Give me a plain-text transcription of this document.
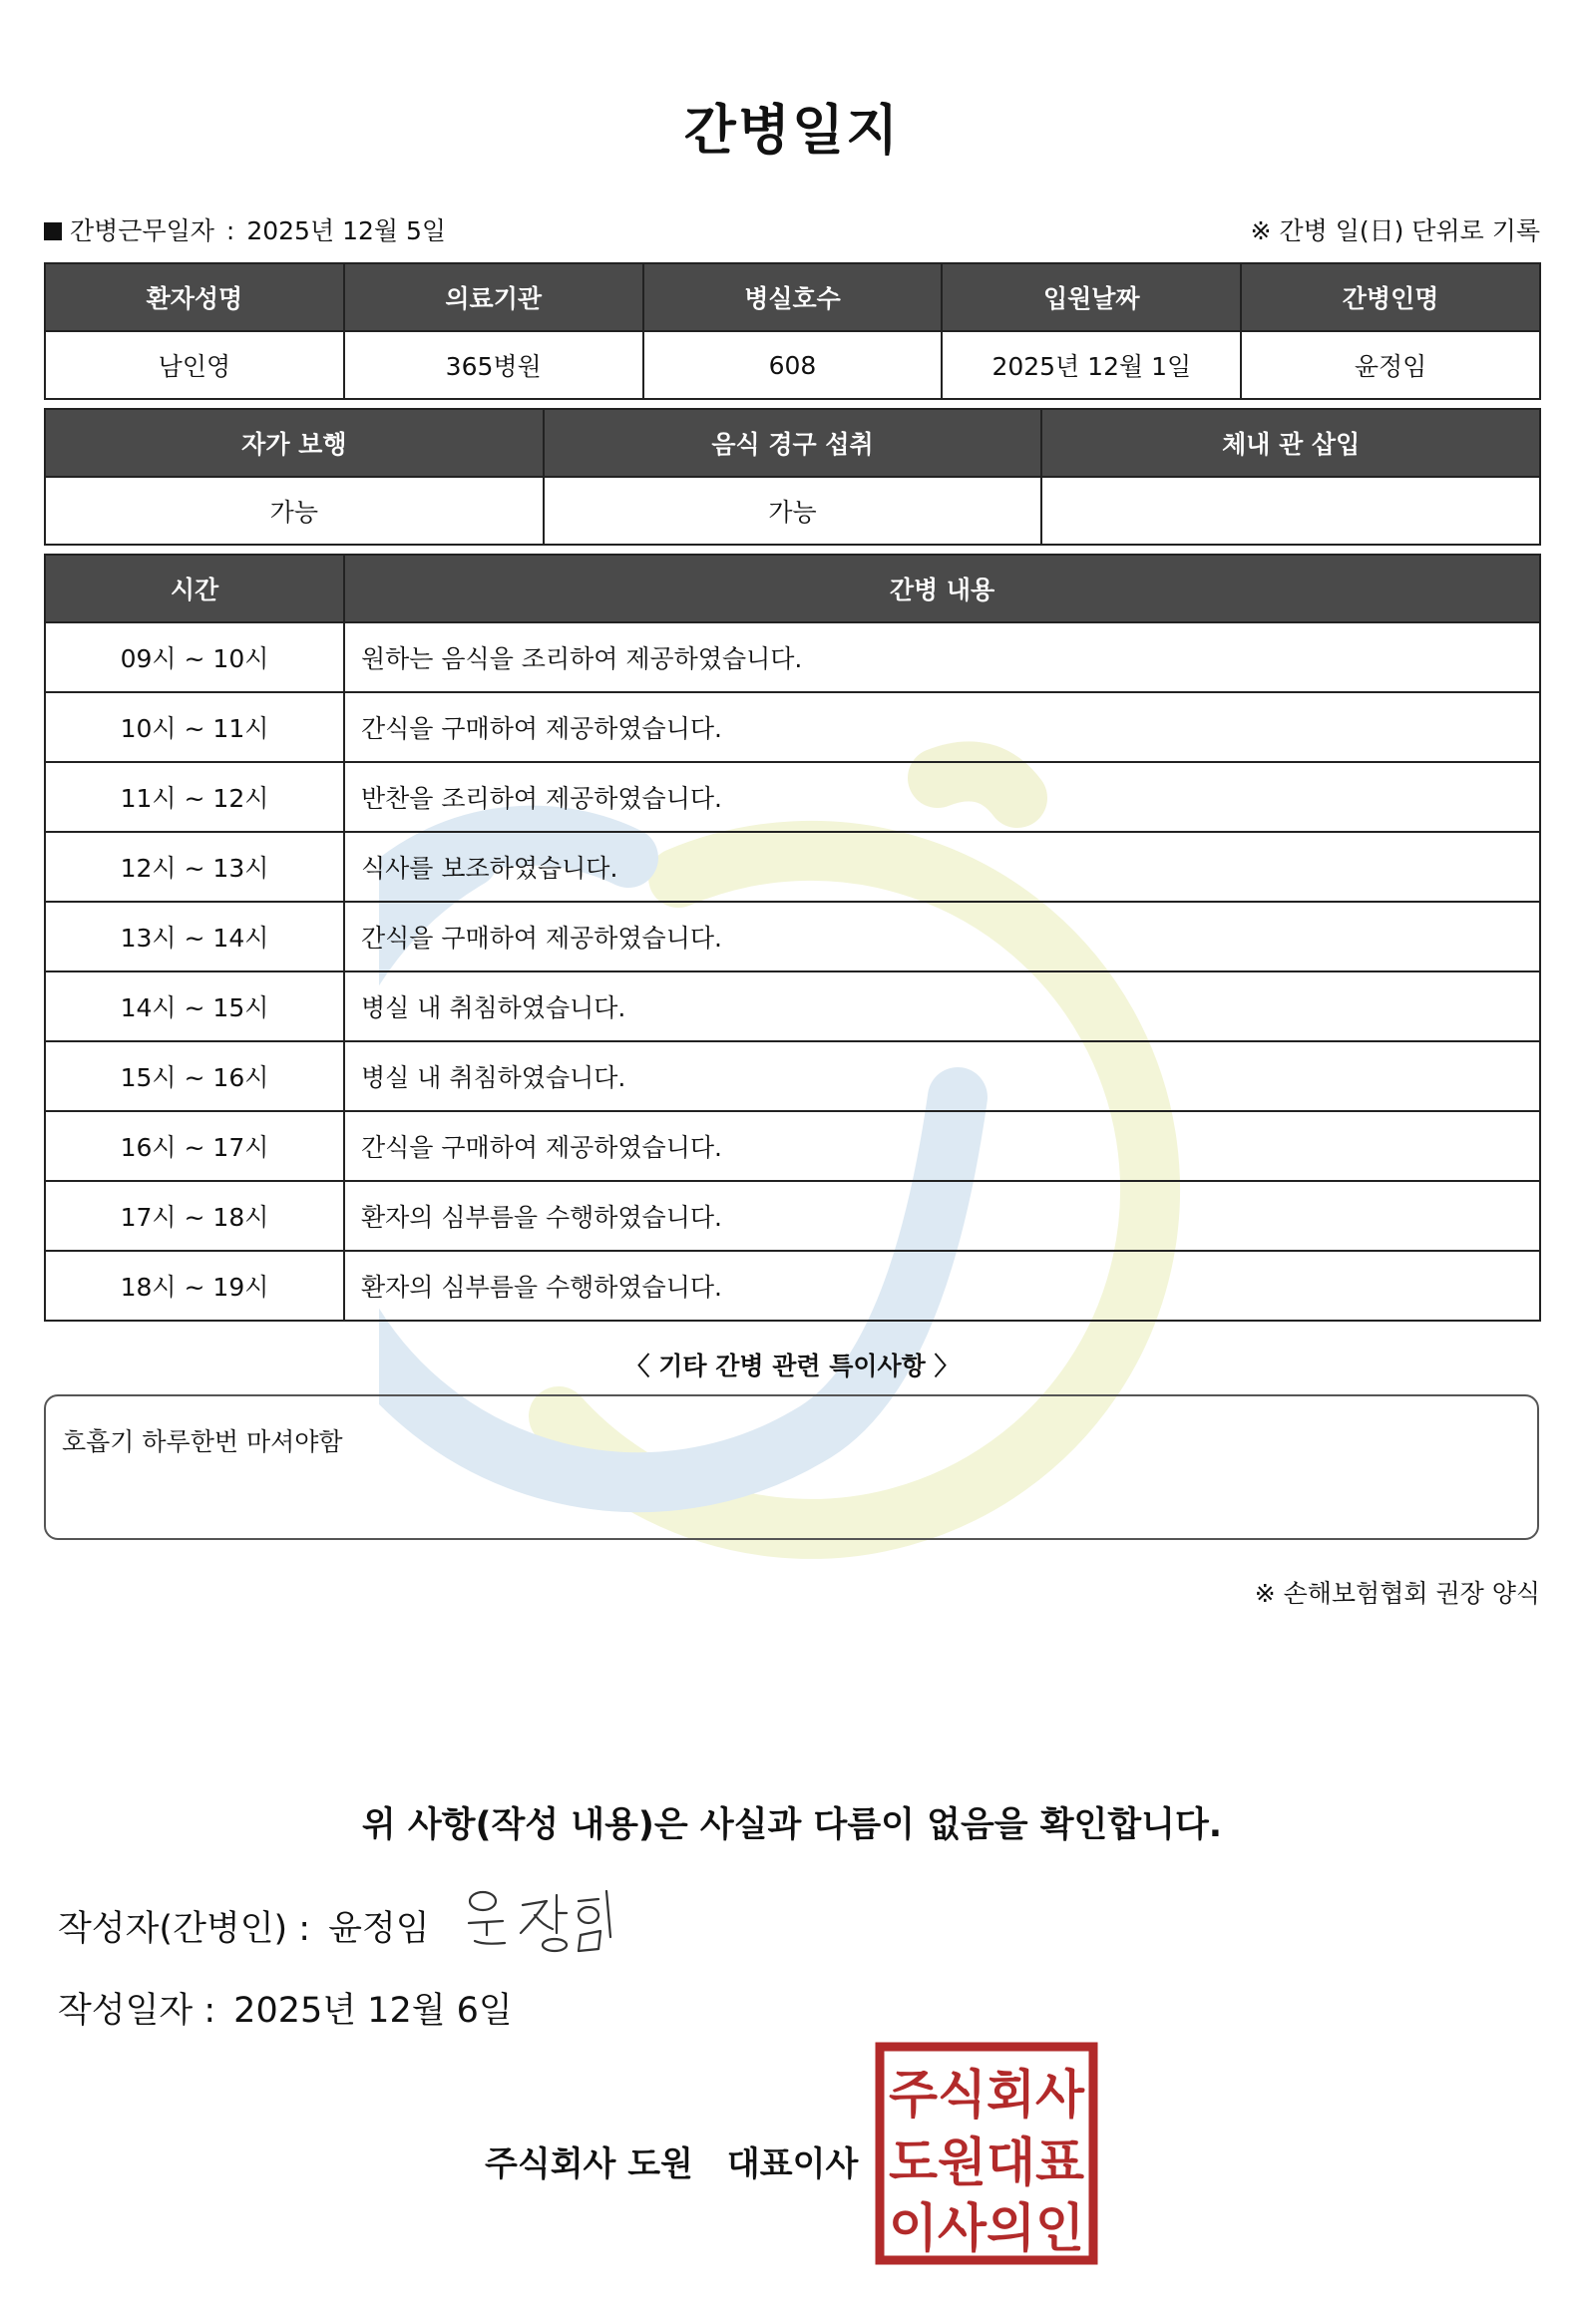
간병일지
간병근무일자 : 2025년 12월 5일	※ 간병 일(日) 단위로 기록
환자성명	의료기관	병실호수	입원날짜	간병인명
남인영	365병원	608	2025년 12월 1일	윤정임
자가 보행	음식 경구 섭취	체내 관 삽입
가능	가능	
시간	간병 내용
09시 ~ 10시	원하는 음식을 조리하여 제공하였습니다.
10시 ~ 11시	간식을 구매하여 제공하였습니다.
11시 ~ 12시	반찬을 조리하여 제공하였습니다.
12시 ~ 13시	식사를 보조하였습니다.
13시 ~ 14시	간식을 구매하여 제공하였습니다.
14시 ~ 15시	병실 내 취침하였습니다.
15시 ~ 16시	병실 내 취침하였습니다.
16시 ~ 17시	간식을 구매하여 제공하였습니다.
17시 ~ 18시	환자의 심부름을 수행하였습니다.
18시 ~ 19시	환자의 심부름을 수행하였습니다.
〈 기타 간병 관련 특이사항 〉
호흡기 하루한번 마셔야함
※ 손해보험협회 권장 양식
위 사항(작성 내용)은 사실과 다름이 없음을 확인합니다.
작성자(간병인) : 윤정임
작성일자 : 2025년 12월 6일
주식회사 도원 대표이사
주식회사
도원대표
이사의인
